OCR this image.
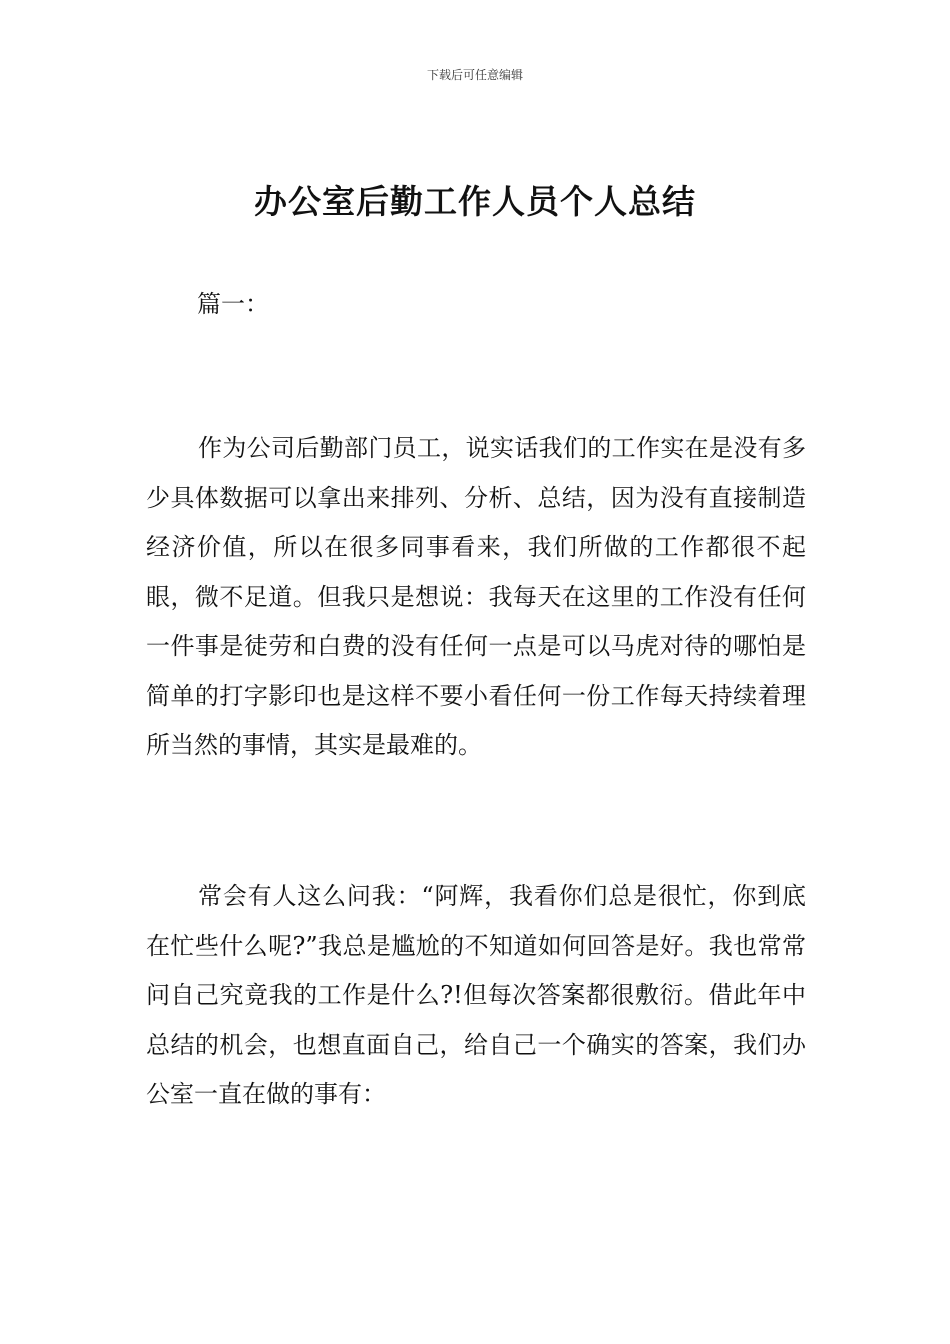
下载后可任意编辑
办公室后勤工作人员个人总结
篇一：

作为公司后勤部门员工，说实话我们的工作实在是没有多少具体数据可以拿出来排列、分析、总结，因为没有直接制造经济价值，所以在很多同事看来，我们所做的工作都很不起眼，微不足道。但我只是想说：我每天在这里的工作没有任何一件事是徒劳和白费的没有任何一点是可以马虎对待的哪怕是简单的打字影印也是这样不要小看任何一份工作每天持续着理所当然的事情，其实是最难的。

常会有人这么问我：“阿辉，我看你们总是很忙，你到底在忙些什么呢?”我总是尴尬的不知道如何回答是好。我也常常问自己究竟我的工作是什么?!但每次答案都很敷衍。借此年中总结的机会，也想直面自己，给自己一个确实的答案，我们办公室一直在做的事有：
